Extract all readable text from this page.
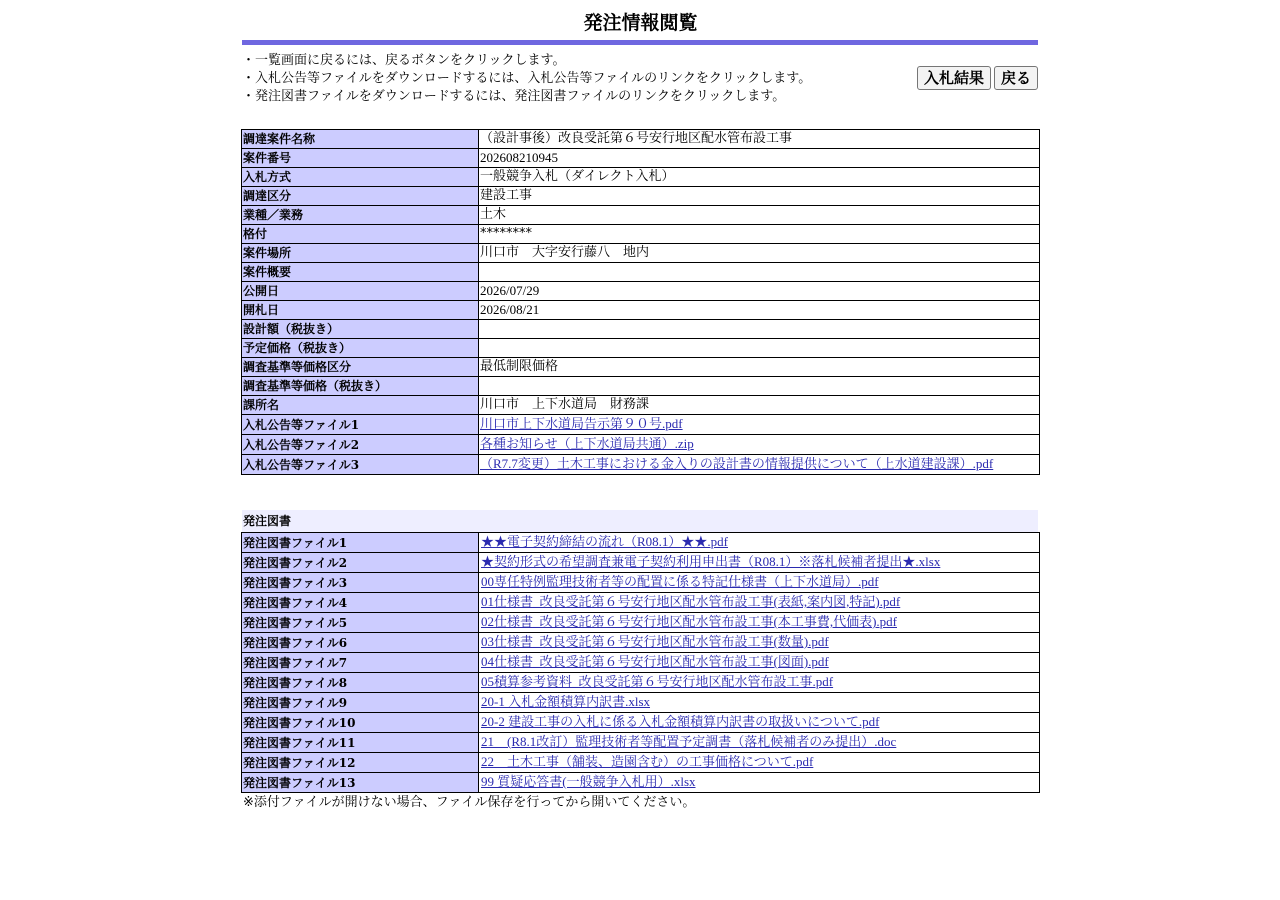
発注情報閲覧
・一覧画面に戻るには、戻るボタンをクリックします。
・入札公告等ファイルをダウンロードするには、入札公告等ファイルのリンクをクリックします。
・発注図書ファイルをダウンロードするには、発注図書ファイルのリンクをクリックします。
入札結果	戻る
調達案件名称	（設計事後）改良受託第６号安行地区配水管布設工事
案件番号	202608210945
入札方式	一般競争入札（ダイレクト入札）
調達区分	建設工事
業種／業務	土木
格付	********
案件場所	川口市　大字安行藤八　地内
案件概要	
公開日	2026/07/29
開札日	2026/08/21
設計額（税抜き）	
予定価格（税抜き）	
調査基準等価格区分	最低制限価格
調査基準等価格（税抜き）	
課所名	川口市　上下水道局　財務課
入札公告等ファイル1	川口市上下水道局告示第９０号.pdf
入札公告等ファイル2	各種お知らせ（上下水道局共通）.zip
入札公告等ファイル3	（R7.7変更）土木工事における金入りの設計書の情報提供について（上水道建設課）.pdf
発注図書
発注図書ファイル1	★★電子契約締結の流れ（R08.1）★★.pdf
発注図書ファイル2	★契約形式の希望調査兼電子契約利用申出書（R08.1）※落札候補者提出★.xlsx
発注図書ファイル3	00専任特例監理技術者等の配置に係る特記仕様書（上下水道局）.pdf
発注図書ファイル4	01仕様書_改良受託第６号安行地区配水管布設工事(表紙,案内図,特記).pdf
発注図書ファイル5	02仕様書_改良受託第６号安行地区配水管布設工事(本工事費,代価表).pdf
発注図書ファイル6	03仕様書_改良受託第６号安行地区配水管布設工事(数量).pdf
発注図書ファイル7	04仕様書_改良受託第６号安行地区配水管布設工事(図面).pdf
発注図書ファイル8	05積算参考資料_改良受託第６号安行地区配水管布設工事.pdf
発注図書ファイル9	20-1 入札金額積算内訳書.xlsx
発注図書ファイル10	20-2 建設工事の入札に係る入札金額積算内訳書の取扱いについて.pdf
発注図書ファイル11	21　(R8.1改訂）監理技術者等配置予定調書（落札候補者のみ提出）.doc
発注図書ファイル12	22　土木工事（舗装、造園含む）の工事価格について.pdf
発注図書ファイル13	99 質疑応答書(一般競争入札用）.xlsx
※添付ファイルが開けない場合、ファイル保存を行ってから開いてください。
